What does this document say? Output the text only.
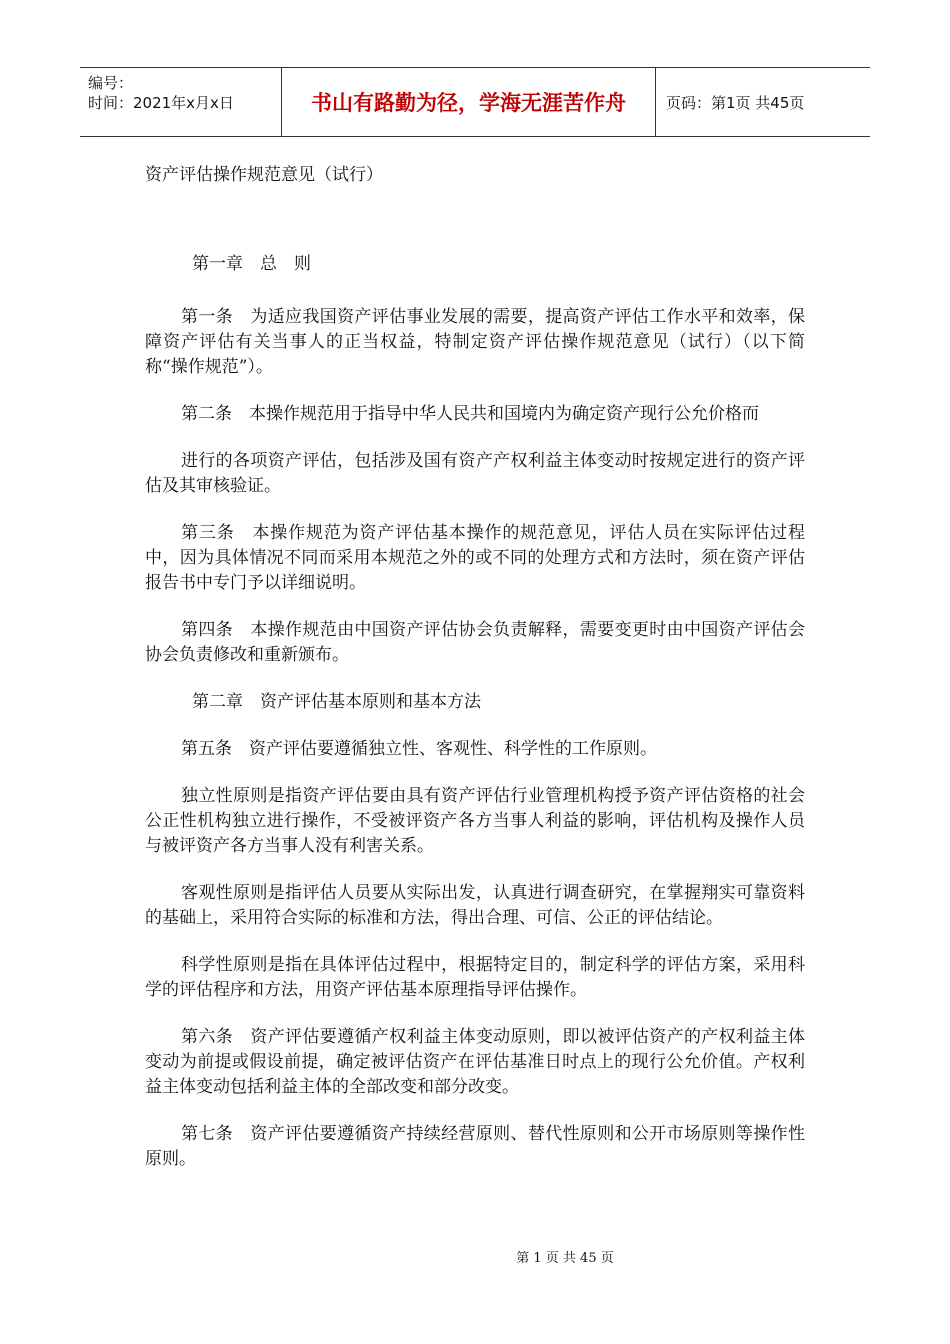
编号：
时间：2021年x月x日	书山有路勤为径，学海无涯苦作舟	页码：第1页 共45页
资产评估操作规范意见（试行）

第一章　总　则

第一条　为适应我国资产评估事业发展的需要，提高资产评估工作水平和效率，保障资产评估有关当事人的正当权益，特制定资产评估操作规范意见（试行）（以下简称“操作规范”）。

第二条　本操作规范用于指导中华人民共和国境内为确定资产现行公允价格而

进行的各项资产评估，包括涉及国有资产产权利益主体变动时按规定进行的资产评估及其审核验证。

第三条　本操作规范为资产评估基本操作的规范意见，评估人员在实际评估过程中，因为具体情况不同而采用本规范之外的或不同的处理方式和方法时，须在资产评估报告书中专门予以详细说明。

第四条　本操作规范由中国资产评估协会负责解释，需要变更时由中国资产评估会协会负责修改和重新颁布。

第二章　资产评估基本原则和基本方法

第五条　资产评估要遵循独立性、客观性、科学性的工作原则。

独立性原则是指资产评估要由具有资产评估行业管理机构授予资产评估资格的社会公正性机构独立进行操作，不受被评资产各方当事人利益的影响，评估机构及操作人员与被评资产各方当事人没有利害关系。

客观性原则是指评估人员要从实际出发，认真进行调查研究，在掌握翔实可靠资料的基础上，采用符合实际的标准和方法，得出合理、可信、公正的评估结论。

科学性原则是指在具体评估过程中，根据特定目的，制定科学的评估方案，采用科学的评估程序和方法，用资产评估基本原理指导评估操作。

第六条　资产评估要遵循产权利益主体变动原则，即以被评估资产的产权利益主体变动为前提或假设前提，确定被评估资产在评估基准日时点上的现行公允价值。产权利益主体变动包括利益主体的全部改变和部分改变。

第七条　资产评估要遵循资产持续经营原则、替代性原则和公开市场原则等操作性原则。

第 1 页 共 45 页
